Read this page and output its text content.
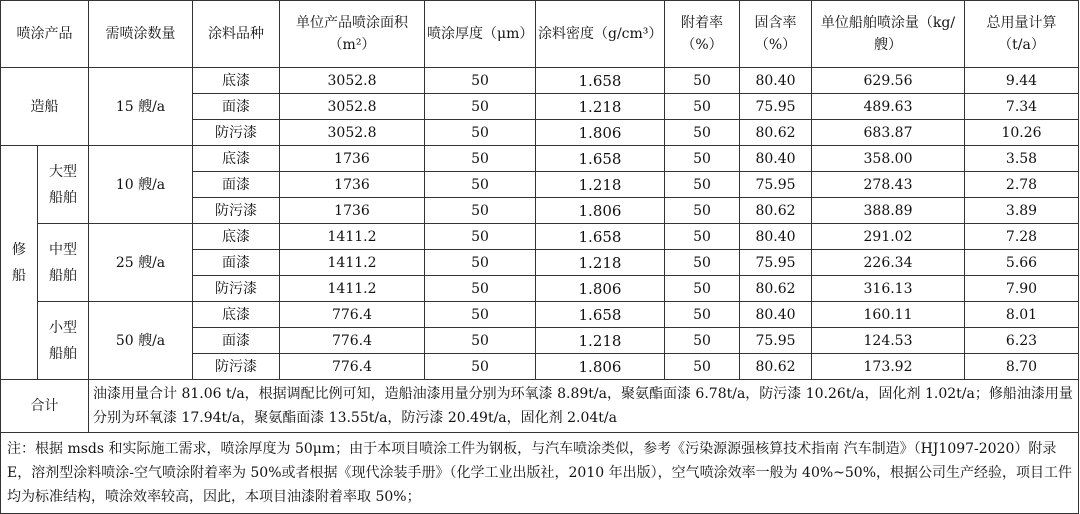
喷涂产品		需喷涂数量	涂料品种	单位产品喷涂面积（m²）	喷涂厚度（μm）	涂料密度（g/cm³）	附着率（%）	固含率（%）	单位船舶喷涂量（kg/艘）	总用量计算（t/a）
造船		15 艘/a	底漆	3052.8	50	1.658	50	80.40	629.56	9.44
			面漆	3052.8	50	1.218	50	75.95	489.63	7.34
			防污漆	3052.8	50	1.806	50	80.62	683.87	10.26
修船	大型船舶	10 艘/a	底漆	1736	50	1.658	50	80.40	358.00	3.58
			面漆	1736	50	1.218	50	75.95	278.43	2.78
			防污漆	1736	50	1.806	50	80.62	388.89	3.89
	中型船舶	25 艘/a	底漆	1411.2	50	1.658	50	80.40	291.02	7.28
			面漆	1411.2	50	1.218	50	75.95	226.34	5.66
			防污漆	1411.2	50	1.806	50	80.62	316.13	7.90
	小型船舶	50 艘/a	底漆	776.4	50	1.658	50	80.40	160.11	8.01
			面漆	776.4	50	1.218	50	75.95	124.53	6.23
			防污漆	776.4	50	1.806	50	80.62	173.92	8.70
合计		油漆用量合计 81.06 t/a，根据调配比例可知，造船油漆用量分别为环氧漆 8.89t/a，聚氨酯面漆 6.78t/a，防污漆 10.26t/a，固化剂 1.02t/a；修船油漆用量分别为环氧漆 17.94t/a，聚氨酯面漆 13.55t/a，防污漆 20.49t/a，固化剂 2.04t/a								
注：根据 msds 和实际施工需求，喷涂厚度为 50μm；由于本项目喷涂工件为钢板，与汽车喷涂类似，参考《污染源源强核算技术指南 汽车制造》（HJ1097-2020）附录 E，溶剂型涂料喷涂-空气喷涂附着率为 50%或者根据《现代涂装手册》（化学工业出版社，2010 年出版），空气喷涂效率一般为 40%~50%，根据公司生产经验，项目工件均为标准结构，喷涂效率较高，因此，本项目油漆附着率取 50%；										
